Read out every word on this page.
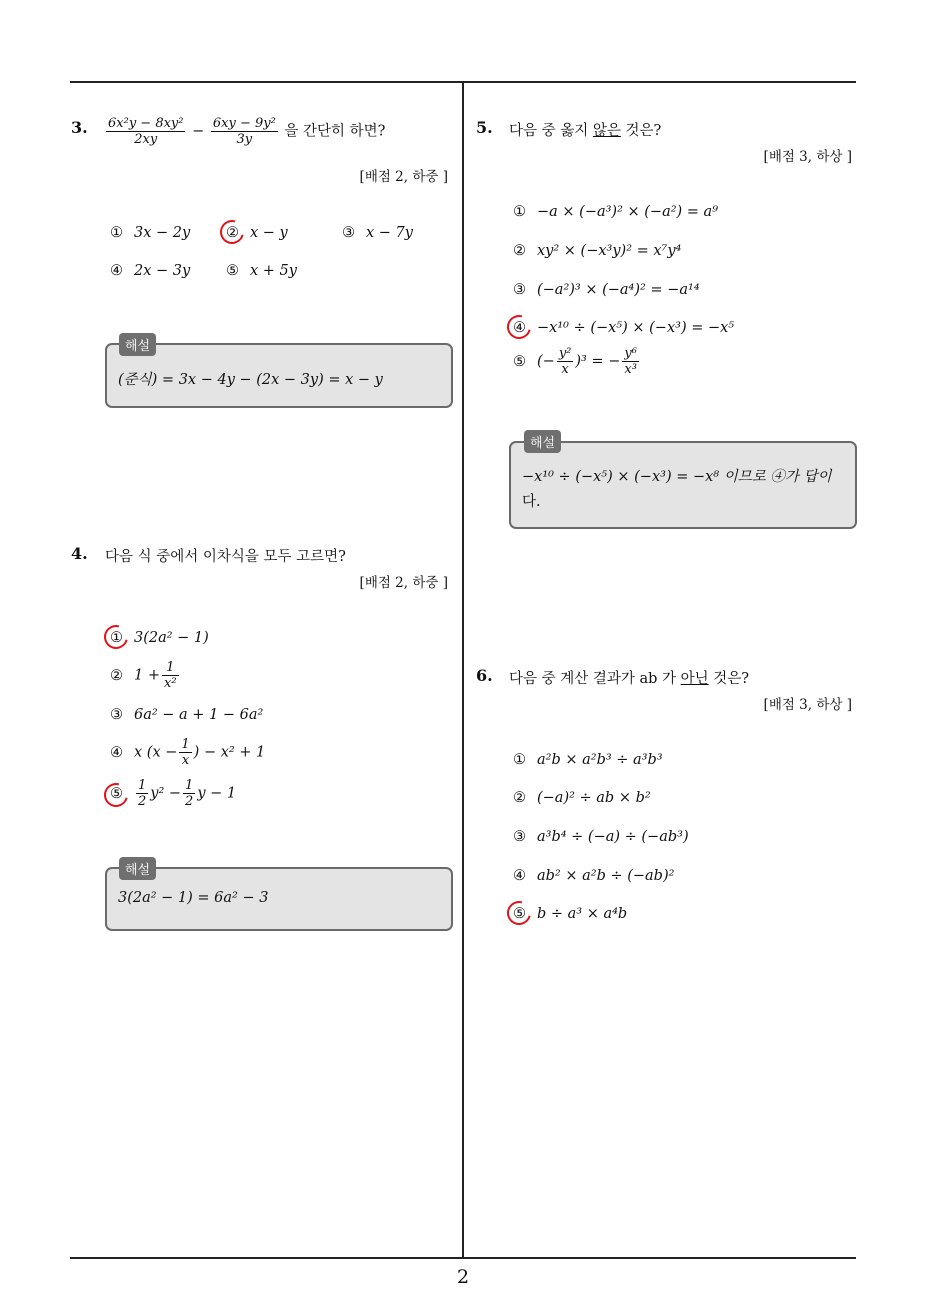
2
3. $\frac{\text{6x²y − 8xy²}}{2xy} - \frac{\text{6xy − 9y²}}{3y}$ 을 간단히 하면?
[배점 2, 하중 ]
① 3x − 2y ② x − y	③ x − 7y
④ 2x − 3y ⑤ x + 5y
해설
(준식) = 3x − 4y − (2x − 3y) = x − y
4. 다음 식 중에서 이차식을 모두 고르면?
[배점 2, 하중 ]
① 3(2a² − 1)
② $1 + \frac{1}{\text{x²}}$
③ 6a² − a + 1 − 6a²
④ x ($x - \frac{1}{x}$ ) − x² + 1
⑤ $\frac{1}{2} y^2 - \frac{1}{2}$ y − 1
해설
3(2a² − 1) = 6a² − 3
5. 다음 중 옳지 않은 것은?
[배점 3, 하상 ]
① −a × (−a³)² × (−a²) = a⁹
② xy² × (−x³y)² = x⁷y⁴
③ (−a²)³ × (−a⁴)² = −a¹⁴
④ −x¹⁰ ÷ (−x⁵) × (−x³) = −x⁵
⑤ (− $\frac{\text{y²}}{x} )^3$ = − $\frac{\text{y⁶}}{\text{x³}}$
해설
−x¹⁰ ÷ (−x⁵) × (−x³) = −x⁸ 이므로 ④가 답이
다.
6. 다음 중 계산 결과가 ab 가 아닌 것은?
[배점 3, 하상 ]
① a²b × a²b³ ÷ a³b³
② (−a)² ÷ ab × b²
③ a³b⁴ ÷ (−a) ÷ (−ab³)
④ ab² × a²b ÷ (−ab)²
⑤ b ÷ a³ × a⁴b
